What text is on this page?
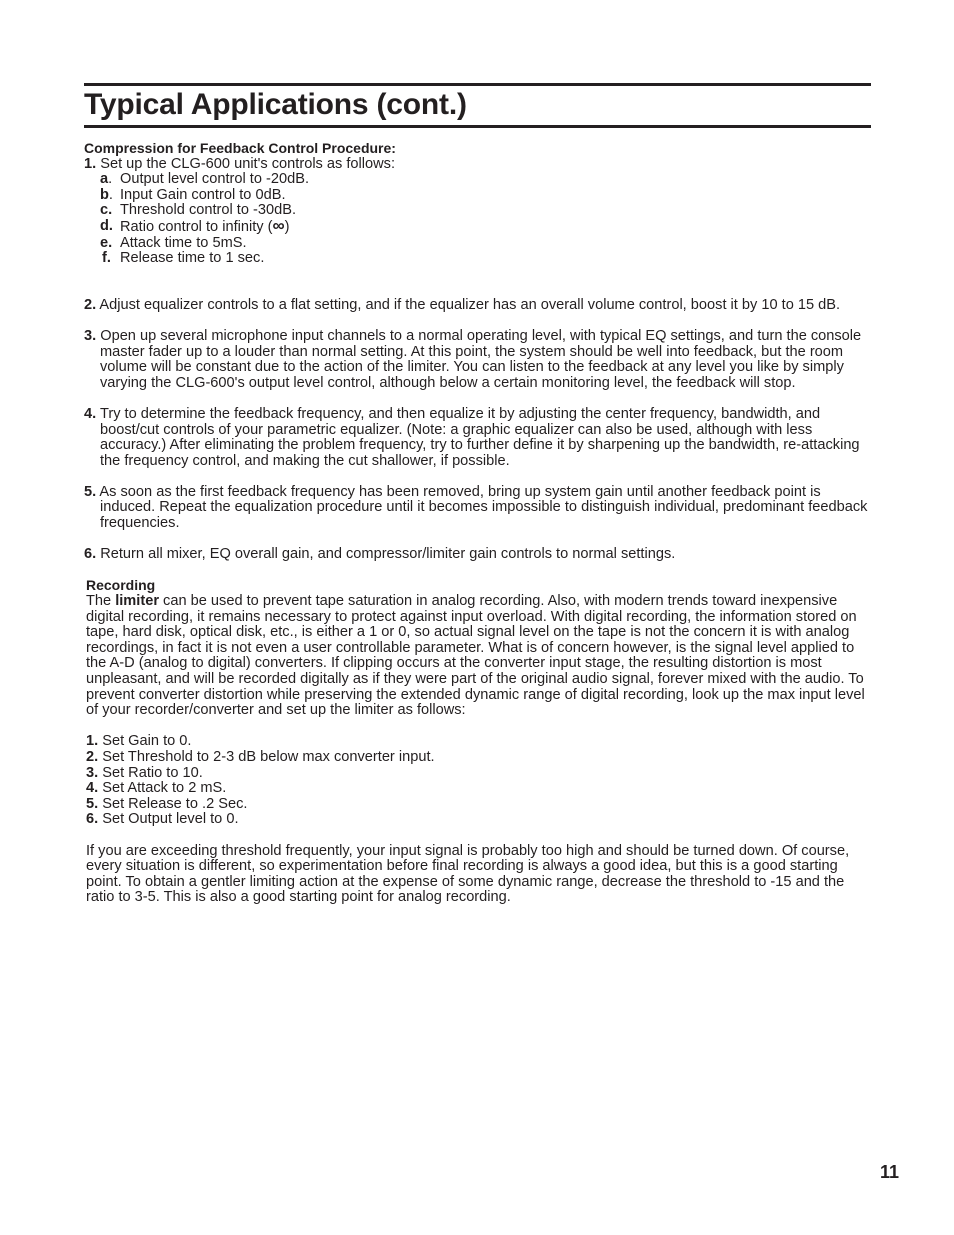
Typical Applications (cont.)

Compression for Feedback Control Procedure:

1. Set up the CLG-600 unit's controls as follows:

a. Output level control to -20dB.
b. Input Gain control to 0dB.
c. Threshold control to -30dB.
d. Ratio control to infinity (∞)
e. Attack time to 5mS.
f. Release time to 1 sec.

2. Adjust equalizer controls to a flat setting, and if the equalizer has an overall volume control, boost it by 10 to 15 dB.

3. Open up several microphone input channels to a normal operating level, with typical EQ settings, and turn the console master fader up to a louder than normal setting. At this point, the system should be well into feedback, but the room volume will be constant due to the action of the limiter. You can listen to the feedback at any level you like by simply varying the CLG-600's output level control, although below a certain monitoring level, the feedback will stop.

4. Try to determine the feedback frequency, and then equalize it by adjusting the center frequency, bandwidth, and boost/cut controls of your parametric equalizer. (Note: a graphic equalizer can also be used, although with less accuracy.) After eliminating the problem frequency, try to further define it by sharpening up the bandwidth, re-attacking the frequency control, and making the cut shallower, if possible.

5. As soon as the first feedback frequency has been removed, bring up system gain until another feedback point is induced. Repeat the equalization procedure until it becomes impossible to distinguish individual, predominant feedback frequencies.

6. Return all mixer, EQ overall gain, and compressor/limiter gain controls to normal settings.

Recording

The limiter can be used to prevent tape saturation in analog recording. Also, with modern trends toward inexpensive digital recording, it remains necessary to protect against input overload. With digital recording, the information stored on tape, hard disk, optical disk, etc., is either a 1 or 0, so actual signal level on the tape is not the concern it is with analog recordings, in fact it is not even a user controllable parameter. What is of concern however, is the signal level applied to the A-D (analog to digital) converters. If clipping occurs at the converter input stage, the resulting distortion is most unpleasant, and will be recorded digitally as if they were part of the original audio signal, forever mixed with the audio. To prevent converter distortion while preserving the extended dynamic range of digital recording, look up the max input level of your recorder/converter and set up the limiter as follows:

1. Set Gain to 0.

2. Set Threshold to 2-3 dB below max converter input.

3. Set Ratio to 10.

4. Set Attack to 2 mS.

5. Set Release to .2 Sec.

6. Set Output level to 0.

If you are exceeding threshold frequently, your input signal is probably too high and should be turned down. Of course, every situation is different, so experimentation before final recording is always a good idea, but this is a good starting point. To obtain a gentler limiting action at the expense of some dynamic range, decrease the threshold to -15 and the ratio to 3-5. This is also a good starting point for analog recording.

11
